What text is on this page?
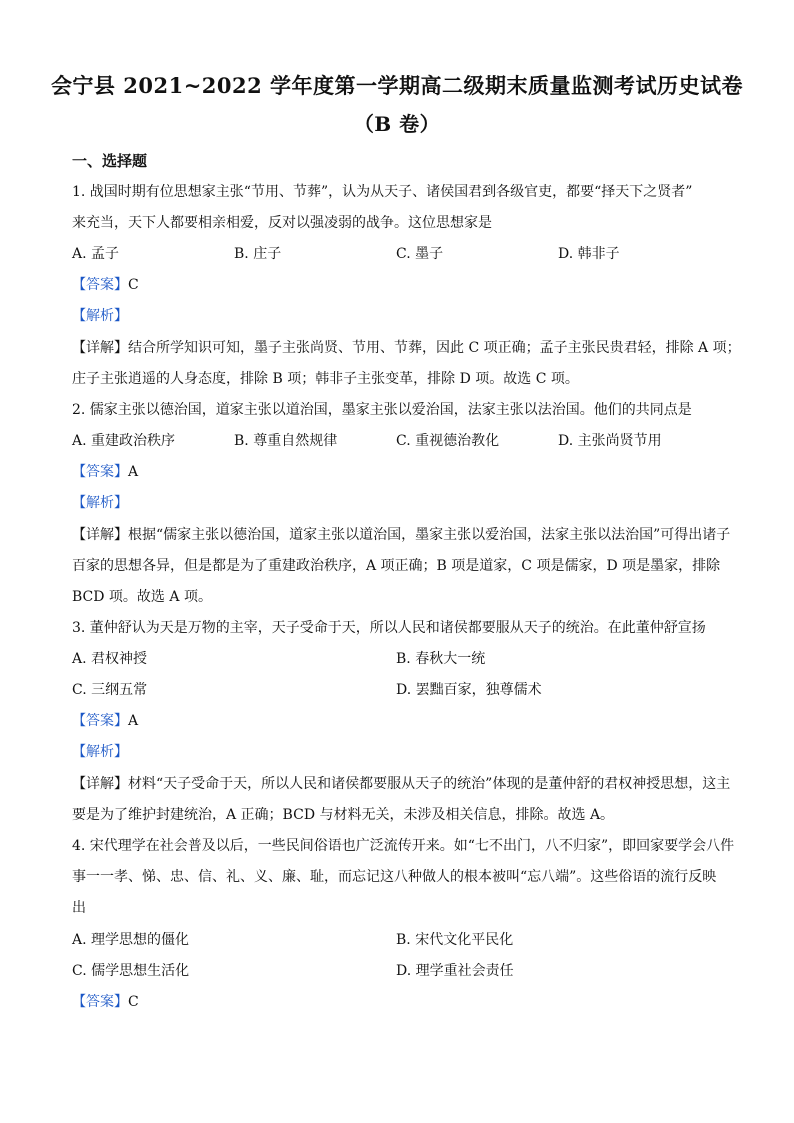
会宁县 2021~2022 学年度第一学期高二级期末质量监测考试历史试卷
（B 卷）
一、选择题
1. 战国时期有位思想家主张“节用、节葬”，认为从天子、诸侯国君到各级官吏，都要“择天下之贤者”
来充当，天下人都要相亲相爱，反对以强凌弱的战争。这位思想家是
A. 孟子	B. 庄子	C. 墨子	D. 韩非子
【答案】C
【解析】
【详解】结合所学知识可知，墨子主张尚贤、节用、节葬，因此 C 项正确；孟子主张民贵君轻，排除 A 项；
庄子主张逍遥的人身态度，排除 B 项；韩非子主张变革，排除 D 项。故选 C 项。
2. 儒家主张以德治国，道家主张以道治国，墨家主张以爱治国，法家主张以法治国。他们的共同点是
A. 重建政治秩序	B. 尊重自然规律	C. 重视德治教化	D. 主张尚贤节用
【答案】A
【解析】
【详解】根据“儒家主张以德治国，道家主张以道治国，墨家主张以爱治国，法家主张以法治国”可得出诸子
百家的思想各异，但是都是为了重建政治秩序，A 项正确；B 项是道家，C 项是儒家，D 项是墨家，排除
BCD 项。故选 A 项。
3. 董仲舒认为天是万物的主宰，天子受命于天，所以人民和诸侯都要服从天子的统治。在此董仲舒宣扬
A. 君权神授	B. 春秋大一统
C. 三纲五常	D. 罢黜百家，独尊儒术
【答案】A
【解析】
【详解】材料“天子受命于天，所以人民和诸侯都要服从天子的统治”体现的是董仲舒的君权神授思想，这主
要是为了维护封建统治，A 正确；BCD 与材料无关，未涉及相关信息，排除。故选 A。
4. 宋代理学在社会普及以后，一些民间俗语也广泛流传开来。如“七不出门，八不归家”，即回家要学会八件
事一一孝、悌、忠、信、礼、义、廉、耻，而忘记这八种做人的根本被叫“忘八端”。这些俗语的流行反映
出
A. 理学思想的僵化	B. 宋代文化平民化
C. 儒学思想生活化	D. 理学重社会责任
【答案】C
